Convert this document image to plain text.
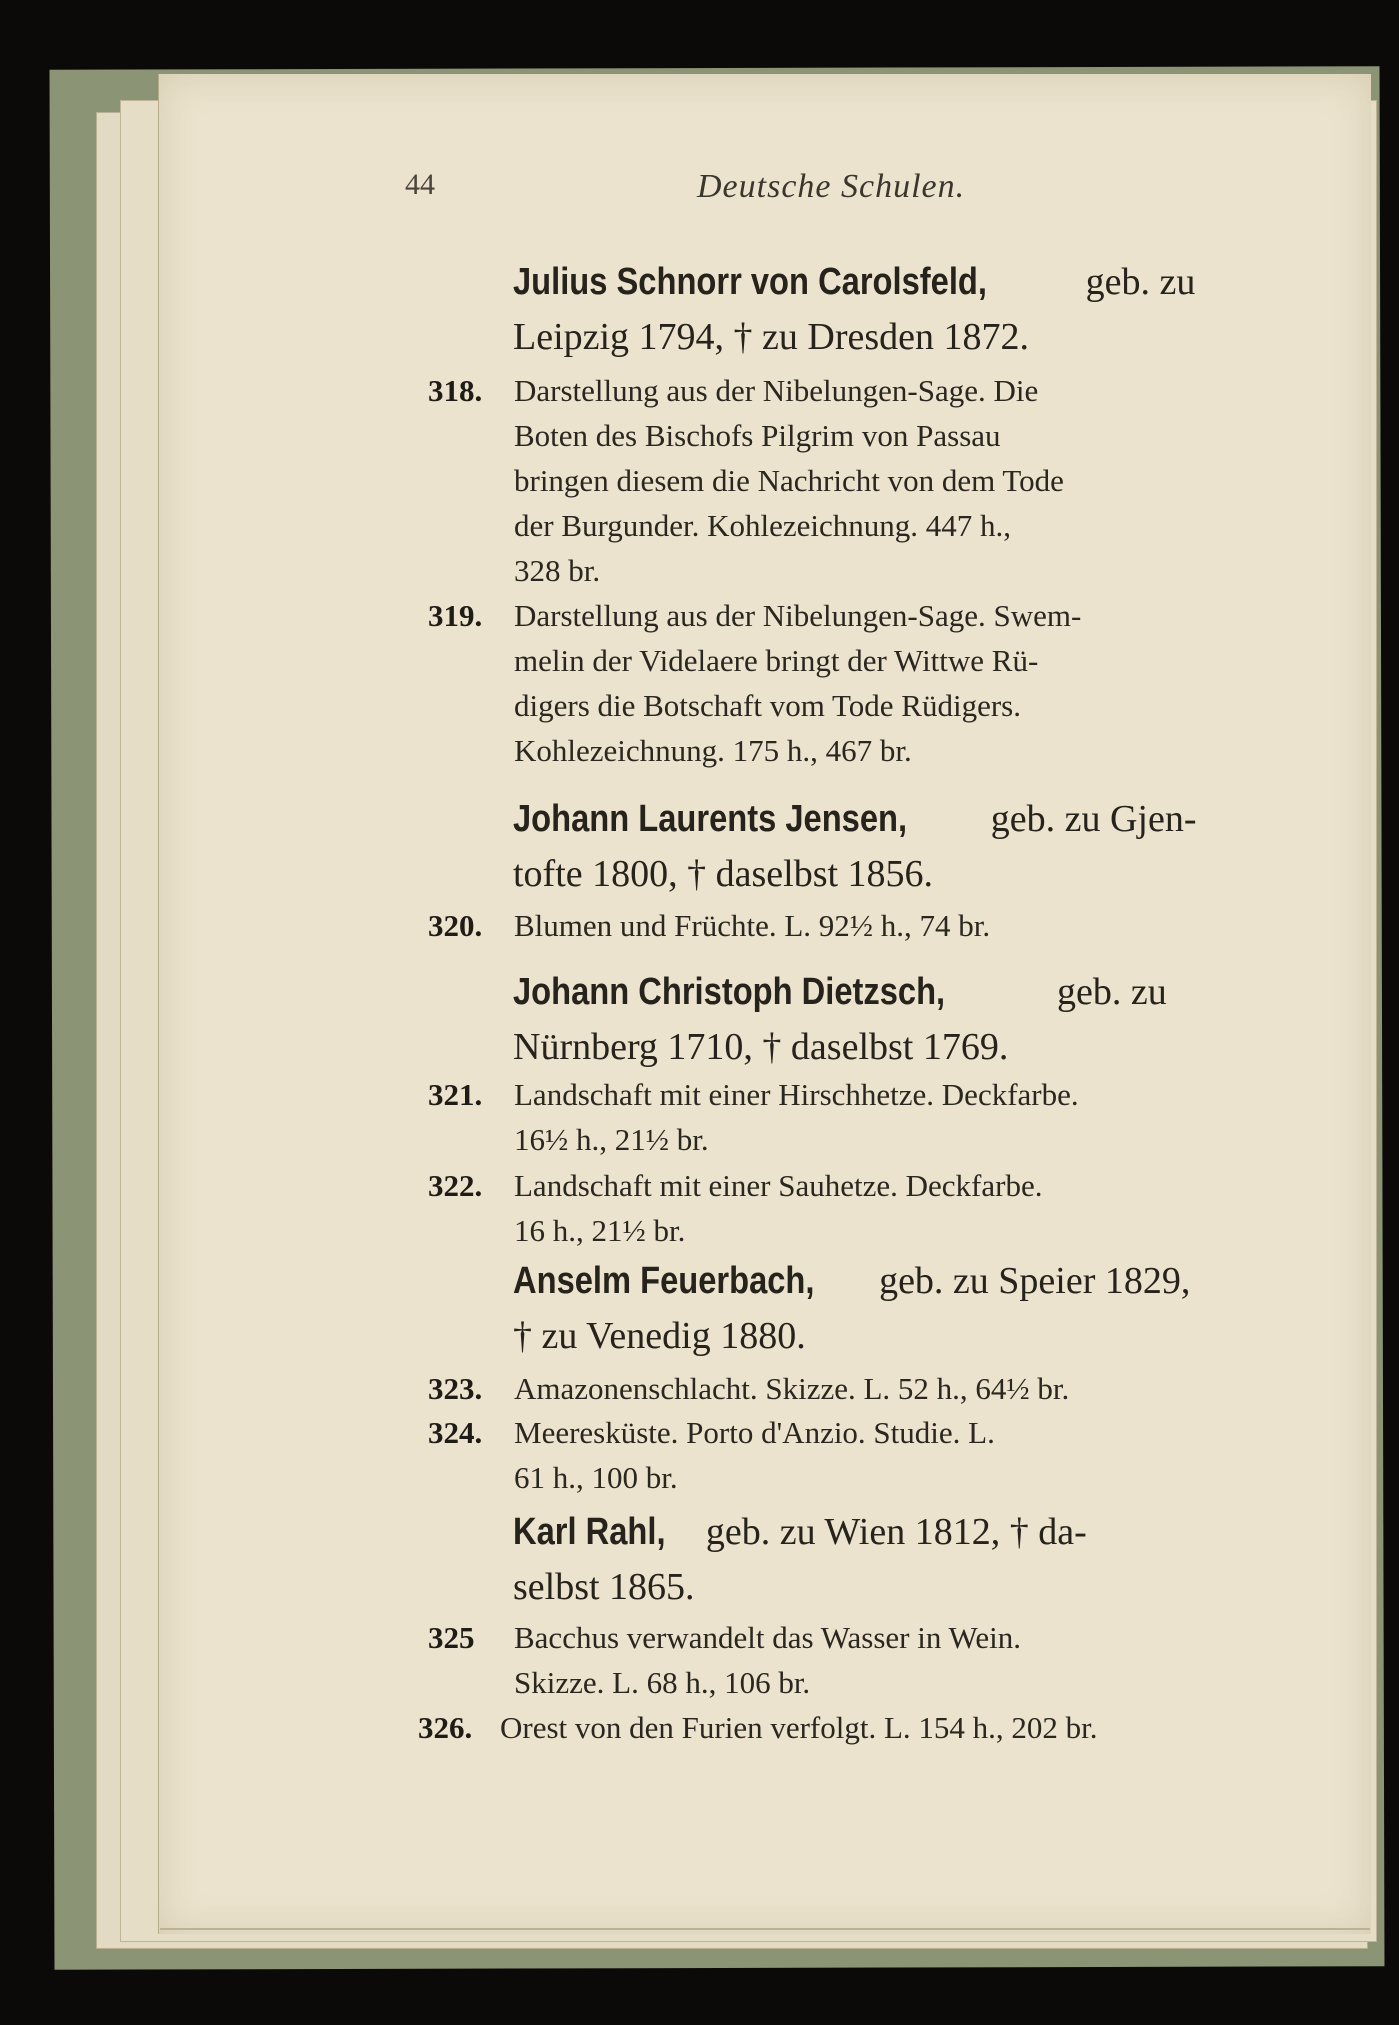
44	Deutsche Schulen.
Julius Schnorr von Carolsfeld,	geb. zu
Leipzig 1794, † zu Dresden 1872.
318. Darstellung aus der Nibelungen-Sage. Die
Boten des Bischofs Pilgrim von Passau
bringen diesem die Nachricht von dem Tode
der Burgunder. Kohlezeichnung. 447 h.,
328 br.
319. Darstellung aus der Nibelungen-Sage. Swem-
melin der Videlaere bringt der Wittwe Rü-
digers die Botschaft vom Tode Rüdigers.
Kohlezeichnung. 175 h., 467 br.
Johann Laurents Jensen, geb. zu Gjen-
tofte 1800, † daselbst 1856.
320. Blumen und Früchte. L. 92½ h., 74 br.
Johann Christoph Dietzsch,	geb. zu
Nürnberg 1710, † daselbst 1769.
321. Landschaft mit einer Hirschhetze. Deckfarbe.
16½ h., 21½ br.
322. Landschaft mit einer Sauhetze. Deckfarbe.
16 h., 21½ br.
Anselm Feuerbach, geb. zu Speier 1829,
† zu Venedig 1880.
323. Amazonenschlacht. Skizze. L. 52 h., 64½ br.
324. Meeresküste. Porto d'Anzio. Studie. L.
61 h., 100 br.
Karl Rahl, geb. zu Wien 1812, † da-
selbst 1865.
325 Bacchus verwandelt das Wasser in Wein.
Skizze. L. 68 h., 106 br.
326. Orest von den Furien verfolgt. L. 154 h., 202 br.
